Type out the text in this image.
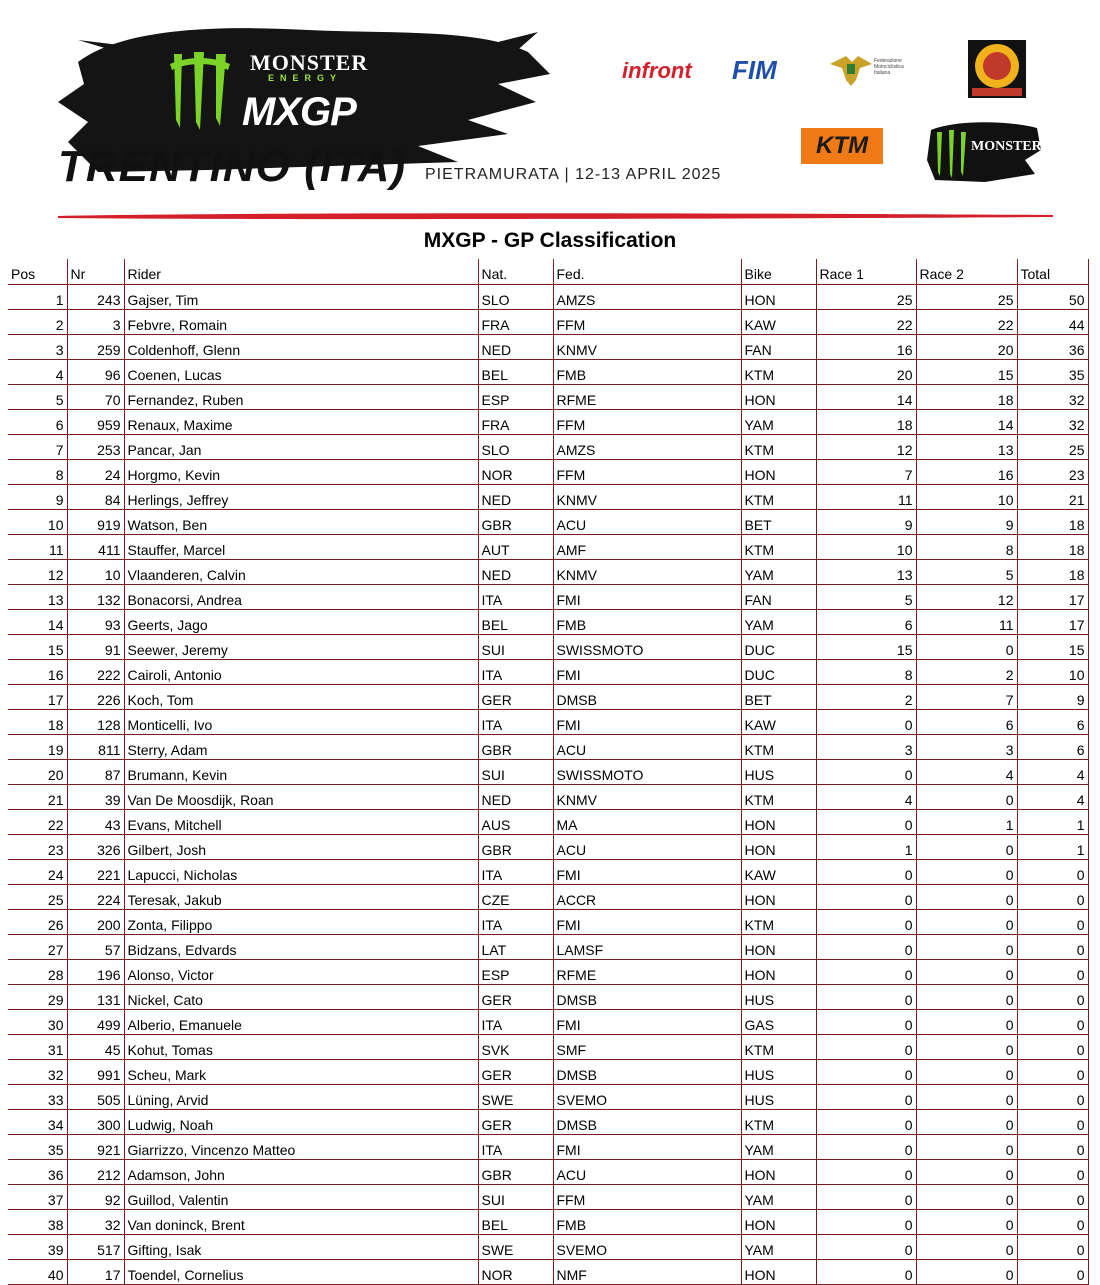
MONSTER
ENERGY
MXGP
TRENTINO (ITA) PIETRAMURATA | 12-13 APRIL 2025
infront FIM	Federazione Motociclistica Italiana
KTM	MONSTER
MXGP - GP Classification
Pos	Nr	Rider	Nat.	Fed.	Bike	Race 1	Race 2	Total
1	243	Gajser, Tim	SLO	AMZS	HON	25	25	50
2	3	Febvre, Romain	FRA	FFM	KAW	22	22	44
3	259	Coldenhoff, Glenn	NED	KNMV	FAN	16	20	36
4	96	Coenen, Lucas	BEL	FMB	KTM	20	15	35
5	70	Fernandez, Ruben	ESP	RFME	HON	14	18	32
6	959	Renaux, Maxime	FRA	FFM	YAM	18	14	32
7	253	Pancar, Jan	SLO	AMZS	KTM	12	13	25
8	24	Horgmo, Kevin	NOR	FFM	HON	7	16	23
9	84	Herlings, Jeffrey	NED	KNMV	KTM	11	10	21
10	919	Watson, Ben	GBR	ACU	BET	9	9	18
11	411	Stauffer, Marcel	AUT	AMF	KTM	10	8	18
12	10	Vlaanderen, Calvin	NED	KNMV	YAM	13	5	18
13	132	Bonacorsi, Andrea	ITA	FMI	FAN	5	12	17
14	93	Geerts, Jago	BEL	FMB	YAM	6	11	17
15	91	Seewer, Jeremy	SUI	SWISSMOTO	DUC	15	0	15
16	222	Cairoli, Antonio	ITA	FMI	DUC	8	2	10
17	226	Koch, Tom	GER	DMSB	BET	2	7	9
18	128	Monticelli, Ivo	ITA	FMI	KAW	0	6	6
19	811	Sterry, Adam	GBR	ACU	KTM	3	3	6
20	87	Brumann, Kevin	SUI	SWISSMOTO	HUS	0	4	4
21	39	Van De Moosdijk, Roan	NED	KNMV	KTM	4	0	4
22	43	Evans, Mitchell	AUS	MA	HON	0	1	1
23	326	Gilbert, Josh	GBR	ACU	HON	1	0	1
24	221	Lapucci, Nicholas	ITA	FMI	KAW	0	0	0
25	224	Teresak, Jakub	CZE	ACCR	HON	0	0	0
26	200	Zonta, Filippo	ITA	FMI	KTM	0	0	0
27	57	Bidzans, Edvards	LAT	LAMSF	HON	0	0	0
28	196	Alonso, Victor	ESP	RFME	HON	0	0	0
29	131	Nickel, Cato	GER	DMSB	HUS	0	0	0
30	499	Alberio, Emanuele	ITA	FMI	GAS	0	0	0
31	45	Kohut, Tomas	SVK	SMF	KTM	0	0	0
32	991	Scheu, Mark	GER	DMSB	HUS	0	0	0
33	505	Lüning, Arvid	SWE	SVEMO	HUS	0	0	0
34	300	Ludwig, Noah	GER	DMSB	KTM	0	0	0
35	921	Giarrizzo, Vincenzo Matteo	ITA	FMI	YAM	0	0	0
36	212	Adamson, John	GBR	ACU	HON	0	0	0
37	92	Guillod, Valentin	SUI	FFM	YAM	0	0	0
38	32	Van doninck, Brent	BEL	FMB	HON	0	0	0
39	517	Gifting, Isak	SWE	SVEMO	YAM	0	0	0
40	17	Toendel, Cornelius	NOR	NMF	HON	0	0	0
